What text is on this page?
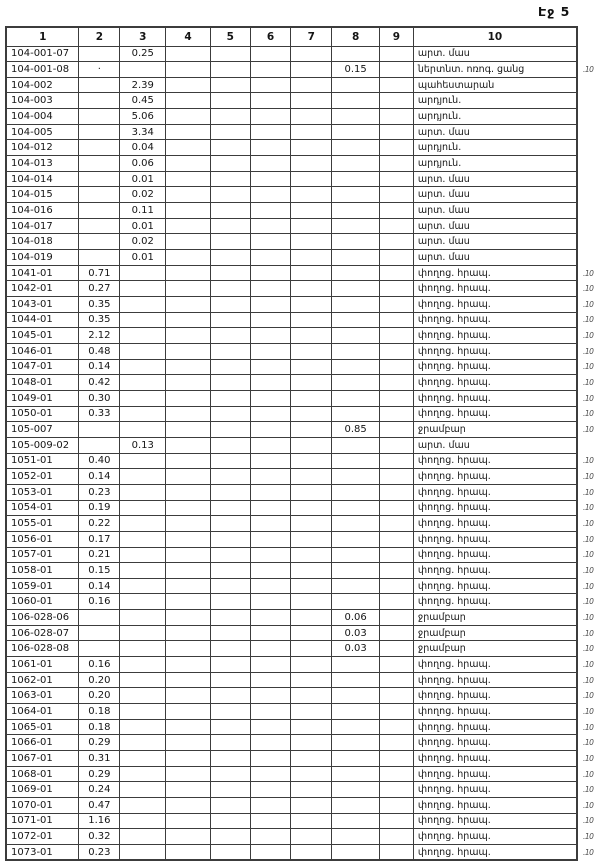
Էջ 5
1	2	3	4	5	6	7	8	9	10	
104-001-07		0.25							արտ. մաս	
104-001-08	·						0.15		ներտնտ. ոռոգ. ցանց	.10
104-002		2.39							պահեստարան	
104-003		0.45							արդյուն.	
104-004		5.06							արդյուն.	
104-005		3.34							արտ. մաս	
104-012		0.04							արդյուն.	
104-013		0.06							արդյուն.	
104-014		0.01							արտ. մաս	
104-015		0.02							արտ. մաս	
104-016		0.11							արտ. մաս	
104-017		0.01							արտ. մաս	
104-018		0.02							արտ. մաս	
104-019		0.01							արտ. մաս	
1041-01	0.71								փողոց. հրապ.	.10
1042-01	0.27								փողոց. հրապ.	.10
1043-01	0.35								փողոց. հրապ.	.10
1044-01	0.35								փողոց. հրապ.	.10
1045-01	2.12								փողոց. հրապ.	.10
1046-01	0.48								փողոց. հրապ.	.10
1047-01	0.14								փողոց. հրապ.	.10
1048-01	0.42								փողոց. հրապ.	.10
1049-01	0.30								փողոց. հրապ.	.10
1050-01	0.33								փողոց. հրապ.	.10
105-007							0.85		ջրամբար	.10
105-009-02		0.13							արտ. մաս	
1051-01	0.40								փողոց. հրապ.	.10
1052-01	0.14								փողոց. հրապ.	.10
1053-01	0.23								փողոց. հրապ.	.10
1054-01	0.19								փողոց. հրապ.	.10
1055-01	0.22								փողոց. հրապ.	.10
1056-01	0.17								փողոց. հրապ.	.10
1057-01	0.21								փողոց. հրապ.	.10
1058-01	0.15								փողոց. հրապ.	.10
1059-01	0.14								փողոց. հրապ.	.10
1060-01	0.16								փողոց. հրապ.	.10
106-028-06							0.06		ջրամբար	.10
106-028-07							0.03		ջրամբար	.10
106-028-08							0.03		ջրամբար	.10
1061-01	0.16								փողոց. հրապ.	.10
1062-01	0.20								փողոց. հրապ.	.10
1063-01	0.20								փողոց. հրապ.	.10
1064-01	0.18								փողոց. հրապ.	.10
1065-01	0.18								փողոց. հրապ.	.10
1066-01	0.29								փողոց. հրապ.	.10
1067-01	0.31								փողոց. հրապ.	.10
1068-01	0.29								փողոց. հրապ.	.10
1069-01	0.24								փողոց. հրապ.	.10
1070-01	0.47								փողոց. հրապ.	.10
1071-01	1.16								փողոց. հրապ.	.10
1072-01	0.32								փողոց. հրապ.	.10
1073-01	0.23								փողոց. հրապ.	.10
